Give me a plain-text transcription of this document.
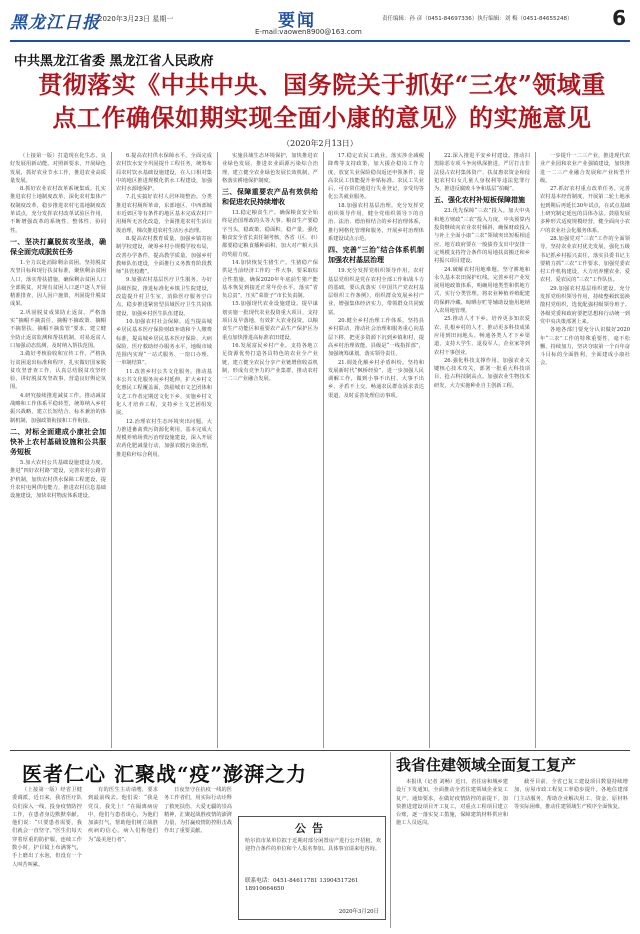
黑龙江日报
2020年3月23日 星期一	要闻
E-mail:vaowen8900@163.com
责任编辑：孙 彦（0451-84697336）执行编辑：刘 梅（0451-84655248） 6
中共黑龙江省委 黑龙江省人民政府
贯彻落实《中共中央、国务院关于抓好“三农”领域重点工作确保如期实现全面小康的意见》的实施意见
（2020年2月13日）

（上接第一版）打造现在化生态，良好发展用新动能。对照新要求，开展绿色发展，抓好农业节水工作，推进农业高质量发展。

8.抓好农业农村改革系统集成。扎实推进农村土地制度改革，深化农村集体产权制度改革，稳步推进农村宅基地制度改革试点，充分发挥农村改革试验区作用，不断增强改革的系统性、整体性、协同性。

一、坚决打赢脱贫攻坚战，确保全面完成脱贫任务

1.全力以赴消除剩余贫困。坚持脱贫攻坚目标和现行扶贫标准，聚焦剩余贫困人口，落实帮扶措施，确保剩余贫困人口全部脱贫。对现有贫困人口逐户逐人开展精准排查，因人因户施策，巩固提升脱贫成果。

2.巩固脱贫成果防止返贫。严格落实“摘帽不摘责任、摘帽不摘政策、摘帽不摘帮扶、摘帽不摘监管”要求，建立健全防止返贫监测和帮扶机制，对易返贫人口加强动态监测，及时纳入帮扶范围。

3.做好考核验收和宣传工作。严格执行贫困退出标准和程序，扎实做好国家脱贫攻坚普查工作，认真总结脱贫攻坚经验，讲好脱贫攻坚故事，营造良好舆论氛围。

4.研究接续推进减贫工作。推动减贫战略和工作体系平稳转型，统筹纳入乡村振兴战略，建立长短结合、标本兼治的体制机制，加强政策衔接和工作衔接。

二、对标全面建成小康社会加快补上农村基础设施和公共服务短板

5.加大农村公共基础设施建设力度。推进“四好农村路”建设，完善农村公路管护机制，加快农村供水保障工程建设，提升农村电网供电能力，推进农村信息基础设施建设，加快农村物流体系建设。

6.提高农村供水保障水平。全面完成农村饮水安全巩固提升工程任务，统筹布局农村饮水基础设施建设，在人口相对集中的地区推进规模化供水工程建设，加强农村水源地保护。

7.扎实搞好农村人居环境整治。分类推进农村厕所革命，东部地区、中西部城市近郊区等有条件的地区基本完成农村户用厕所无害化改造，全面推进农村生活垃圾治理，梯次推进农村生活污水治理。

8.提高农村教育质量。加强乡镇寄宿制学校建设，统筹乡村小规模学校布局，改善办学条件，提高教学质量。加强乡村教师队伍建设，全面推行义务教育阶段教师“县管校聘”。

9.加强农村基层医疗卫生服务。办好县级医院，推进标准化乡镇卫生院建设，改造提升村卫生室，消除医疗服务空白点。稳步推进紧密型县域医疗卫生共同体建设，加强乡村医生队伍建设。

10.加强农村社会保障。适当提高城乡居民基本医疗保险财政补助和个人缴费标准，提高城乡居民基本医疗保险、大病保险、医疗救助经办服务水平，地级市域范围内实现“一站式服务、一窗口办理、一单制结算”。

11.改善乡村公共文化服务。推动基本公共文化服务向乡村延伸，扩大乡村文化惠民工程覆盖面，鼓励城市文艺团体和文艺工作者定期送文化下乡，实施乡村文化人才培养工程，支持乡土文艺团组发展。

12.治理农村生态环境突出问题。大力推进畜禽粪污资源化利用，基本完成大规模养殖场粪污治理设施建设，深入开展农药化肥减量行动，加强农膜污染治理，推进秸秆综合利用。

实施县域生态环境保护，加快推进农业绿色发展，推进农业面源污染综合治理，建立健全农业绿色发展长效机制，严格落实耕地保护制度。

三、保障重要农产品有效供给和促进农民持续增收

13.稳定粮食生产。确保粮食安全始终是治国理政的头等大事。粮食生产要稳字当头，稳政策、稳面积、稳产量。强化粮食安全省长责任制考核，各省（区、市）都要稳定粮食播种面积，加大对产粮大县的奖励力度。

14.加快恢复生猪生产。生猪稳产保供是当前经济工作的一件大事，要采取综合性措施，确保2020年年底前生猪产能基本恢复到接近正常年份水平。落实“省负总责”，压实“菜篮子”市长负责制。

15.加强现代农业设施建设。提早谋划实施一批现代农业投资重大项目，支持项目及早落地，有效扩大农业投资。以粮食生产功能区和重要农产品生产保护区为重点加快推进高标准农田建设。

16.发展富民乡村产业。支持各地立足资源优势打造各具特色的农业全产业链，建立健全农民分享产业链增值收益机制，形成有竞争力的产业集群，推动农村一二三产业融合发展。

17.稳定农民工就业。落实涉企减税降费等支持政策，加大援企稳岗工作力度，放宽失业保险稳岗返还申领条件，提高农民工技能提升补贴标准。农民工失业后，可在常住地进行失业登记，享受均等化公共就业服务。

18.加强农村基层治理。充分发挥党组织领导作用，健全党组织领导下的自治、法治、德治相结合的乡村治理体系，推行网格化管理和服务，开展乡村治理体系建设试点示范。

四、完善“三治”结合体系机制加强农村基层治理

19.充分发挥党组织领导作用。农村基层党组织是党在农村全部工作和战斗力的基础，要认真落实《中国共产党农村基层组织工作条例》，组织群众发展乡村产业，增强集体经济实力，带领群众共同致富。

20.健全乡村治理工作体系。坚持县乡村联动，推动社会治理和服务重心向基层下移，把更多资源下沉到乡镇和村，提高乡村治理效能。县级是“一线指挥部”，加强统筹谋划，落实领导责任。

21.调处化解乡村矛盾纠纷。坚持和发展新时代“枫桥经验”，进一步加强人民调解工作，做到小事不出村、大事不出乡、矛盾不上交。畅通农民群众诉求表达渠道，及时妥善处理信访事项。

22.深入推进平安乡村建设。推动扫黑除恶专项斗争向纵深推进，严厉打击非法侵占农村集体资产、扶贫惠农资金和侵犯农村妇女儿童人身权利等违法犯罪行为，推进反腐败斗争和基层“拍蝇”。

五、强化农村补短板保障措施

23.优先保障“三农”投入。加大中央和地方财政“三农”投入力度，中央预算内投资继续向农业农村倾斜，确保财政投入与补上全面小康“三农”领域突出短板相适应。地方政府要在一般债券支出中安排一定规模支持符合条件的易地扶贫搬迁和乡村振兴项目建设。

24.破解农村用地难题。坚守耕地和永久基本农田保护红线。完善乡村产业发展用地政策体系，明确用地类型和供地方式，实行分类管理。将农业种植养殖配建的保鲜冷藏、晾晒存贮等辅助设施用地纳入农用地管理。

25.推动人才下乡。培养更多知农爱农、扎根乡村的人才，推动更多科技成果应用到田间地头。畅通各类人才下乡渠道，支持大学生、退役军人、企业家等到农村干事创业。

26.强化科技支撑作用。加强农业关键核心技术攻关，部署一批重大科技项目，抢占科技制高点。加强农业生物技术研发，大力实施种业自主创新工程。

一步提升一二三产业，推进现代农业产业园和农业产业强镇建设，加快推进一二三产业融合发展和产业转型升级。

27.抓好农村重点改革任务。完善农村基本经营制度，开展第二轮土地承包到期后再延长30年试点，在试点基础上研究制定延包的具体办法。鼓励发展多种形式适度规模经营，健全面向小农户的农业社会化服务体系。

28.加强党对“三农”工作的全面领导。坚持农业农村优先发展，强化五级书记抓乡村振兴责任，落实县委书记主要精力抓“三农”工作要求，加强党委农村工作机构建设，大力培养懂农业、爱农村、爱农民的“三农”工作队伍。

29.加强农村基层组织建设。充分发挥党组织领导作用，持续整顿软弱涣散村党组织，选优配强村级领导班子。各级党委和政府要把思想和行动统一到党中央决策部署上来。

各地各部门要充分认识做好2020年“三农”工作的特殊重要性，毫不松懈，持续加力，坚决夺取第一个百年奋斗目标的全面胜利，全面建成小康社会。

医者仁心 汇聚战“疫”澎湃之力

（上接第一版）经省卫健委调派，近日来，我省医疗队员们深入一线，投身疫情防控工作，在患者身边默默奉献。他们说：“只要患者需要，我们就会一直坚守。”医生们每天穿着厚重的防护服，连续工作数小时，护目镜上布满雾气，手上磨出了水泡，但没有一个人叫苦叫累。

有的医生主动请缨，要求到最前线去。他们说：“我是党员，我先上！”在隔离病房中，他们与患者谈心，为他们加油打气，帮助他们树立战胜疾病的信心。病人们称他们为“最美逆行者”。

日夜坚守在抗疫一线的医务工作者们，用实际行动诠释了救死扶伤、大爱无疆的崇高精神，汇聚起战胜疫情的澎湃力量，为打赢疫情防控阻击战作出了重要贡献。	公告
哈尔滨市某单位拟于近期对部分闲置房产进行公开招租，欢迎符合条件的单位和个人报名参加。具体事宜请来电咨询。
联系电话：0451-84611781 13904517261 18910664650
2020年3月20日
我省住建领域全面复工复产

本报讯（记者 刘畅）近日，省住房和城乡建设厅下发通知，全面推动全省住建领域企业复工复产。通知要求，在做好疫情防控的前提下，加快推进建设项目开工复工，对重点工程项目建立台账，逐一落实复工措施，保障建筑材料供应和施工人员返岗。

截至目前，全省已复工建设项目数量持续增加，房屋市政工程复工率稳步提升。各地住建部门主动服务，帮助企业解决用工、资金、原材料等实际困难，推动住建领域生产秩序全面恢复。
